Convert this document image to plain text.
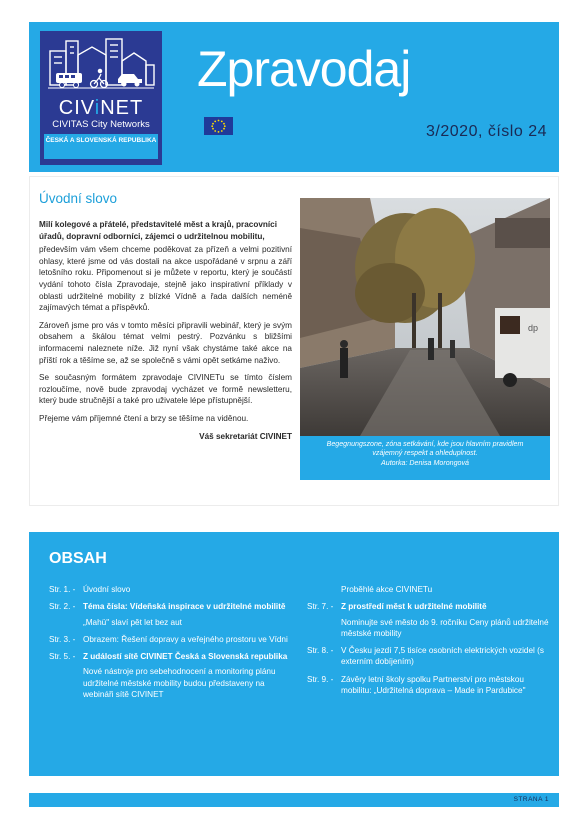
CIViNET
CIVITAS City Networks
ČESKÁ A SLOVENSKÁ REPUBLIKA
Zpravodaj
3/2020, číslo 24
Úvodní slovo

Milí kolegové a přátelé, představitelé měst a krajů, pracovníci úřadů, dopravní odborníci, zájemci o udržitelnou mobilitu,

především vám všem chceme poděkovat za přízeň a velmi pozitivní ohlasy, které jsme od vás dostali na akce uspořádané v srpnu a září letošního roku. Připomenout si je můžete v reportu, který je součástí vydání tohoto čísla Zpravodaje, stejně jako inspirativní příklady v oblasti udržitelné mobility z blízké Vídně a řada dalších neméně zajímavých témat a příspěvků.

Zároveň jsme pro vás v tomto měsíci připravili webinář, který je svým obsahem a škálou témat velmi pestrý. Pozvánku s bližšími informacemi naleznete níže. Již nyní však chystáme také akce na příští rok a těšíme se, až se společně s vámi opět setkáme naživo.

Se současným formátem zpravodaje CIVINETu se tímto číslem rozloučíme, nově bude zpravodaj vycházet ve formě newsletteru, který bude stručnější a také pro uživatele lépe přístupnější.

Přejeme vám příjemné čtení a brzy se těšíme na viděnou.

Váš sekretariát CIVINET

dp
Begegnungszone, zóna setkávání, kde jsou hlavním pravidlem
vzájemný respekt a ohleduplnost.
Autorka: Denisa Morongová
OBSAH
Str. 1. - Úvodní slovo
Str. 2. - Téma čísla: Vídeňská inspirace v udržitelné mobilitě
„Mahü" slaví pět let bez aut
Str. 3. - Obrazem: Řešení dopravy a veřejného prostoru ve Vídni
Str. 5. - Z událostí sítě CIVINET Česká a Slovenská republika
Nové nástroje pro sebehodnocení a monitoring plánu udržitelné městské mobility budou představeny na webináři sítě CIVINET
Proběhlé akce CIVINETu
Str. 7. - Z prostředí měst k udržitelné mobilitě
Nominujte své město do 9. ročníku Ceny plánů udržitelné městské mobility
Str. 8. - V Česku jezdí 7,5 tisíce osobních elektrických vozidel (s externím dobíjením)
Str. 9. - Závěry letní školy spolku Partnerství pro městskou mobilitu: „Udržitelná doprava – Made in Pardubice"
STRANA 1
